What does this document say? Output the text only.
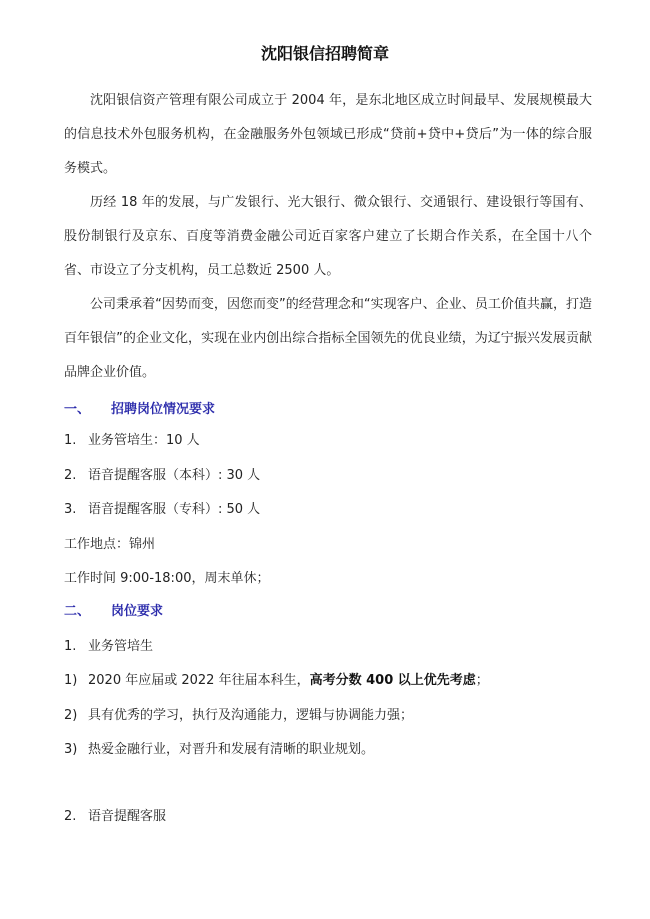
沈阳银信招聘简章

沈阳银信资产管理有限公司成立于 2004 年，是东北地区成立时间最早、发展规模最大的信息技术外包服务机构，在金融服务外包领域已形成“贷前+贷中+贷后”为一体的综合服务模式。

历经 18 年的发展，与广发银行、光大银行、微众银行、交通银行、建设银行等国有、股份制银行及京东、百度等消费金融公司近百家客户建立了长期合作关系，在全国十八个省、市设立了分支机构，员工总数近 2500 人。

公司秉承着“因势而变，因您而变”的经营理念和“实现客户、企业、员工价值共赢，打造百年银信”的企业文化，实现在业内创出综合指标全国领先的优良业绩，为辽宁振兴发展贡献品牌企业价值。

一、 招聘岗位情况要求
1. 业务管培生：10 人
2. 语音提醒客服（本科）: 30 人
3. 语音提醒客服（专科）: 50 人
工作地点：锦州
工作时间 9:00-18:00，周末单休；
二、 岗位要求
1. 业务管培生
1) 2020 年应届或 2022 年往届本科生，高考分数 400 以上优先考虑；
2) 具有优秀的学习，执行及沟通能力，逻辑与协调能力强；
3) 热爱金融行业，对晋升和发展有清晰的职业规划。
2. 语音提醒客服
